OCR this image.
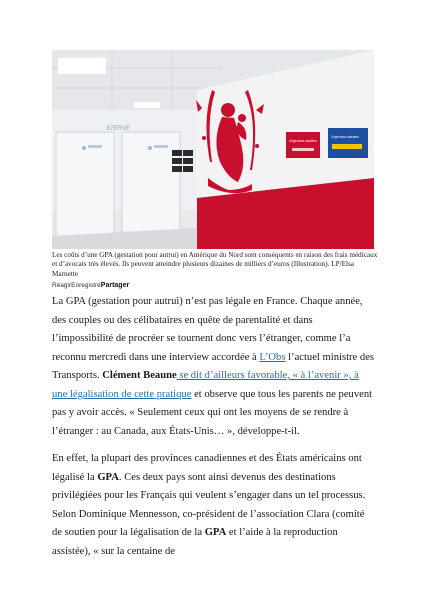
STERVE
Urgences adultes
Urgences adultes
Les coûts d’une GPA (gestation pour autrui) en Amérique du Nord sont conséquents en raison des frais médicaux et d’avocats très élevés. Ils peuvent atteindre plusieurs dizaines de milliers d’euros (Illustration). LP/Elsa Marnette
RéagirEnregistréPartager

La GPA (gestation pour autrui) n’est pas légale en France. Chaque année, des couples ou des célibataires en quête de parentalité et dans l’impossibilité de procréer se tournent donc vers l’étranger, comme l’a reconnu mercredi dans une interview accordée à L’Obs l’actuel ministre des Transports. Clément Beaune se dit d’ailleurs favorable, « à l’avenir », à une légalisation de cette pratique et observe que tous les parents ne peuvent pas y avoir accès. « Seulement ceux qui ont les moyens de se rendre à l’étranger : au Canada, aux États-Unis… », développe-t-il.

En effet, la plupart des provinces canadiennes et des États américains ont légalisé la GPA. Ces deux pays sont ainsi devenus des destinations privilégiées pour les Français qui veulent s’engager dans un tel processus. Selon Dominique Mennesson, co-président de l’association Clara (comité de soutien pour la légalisation de la GPA et l’aide à la reproduction assistée), « sur la centaine de
